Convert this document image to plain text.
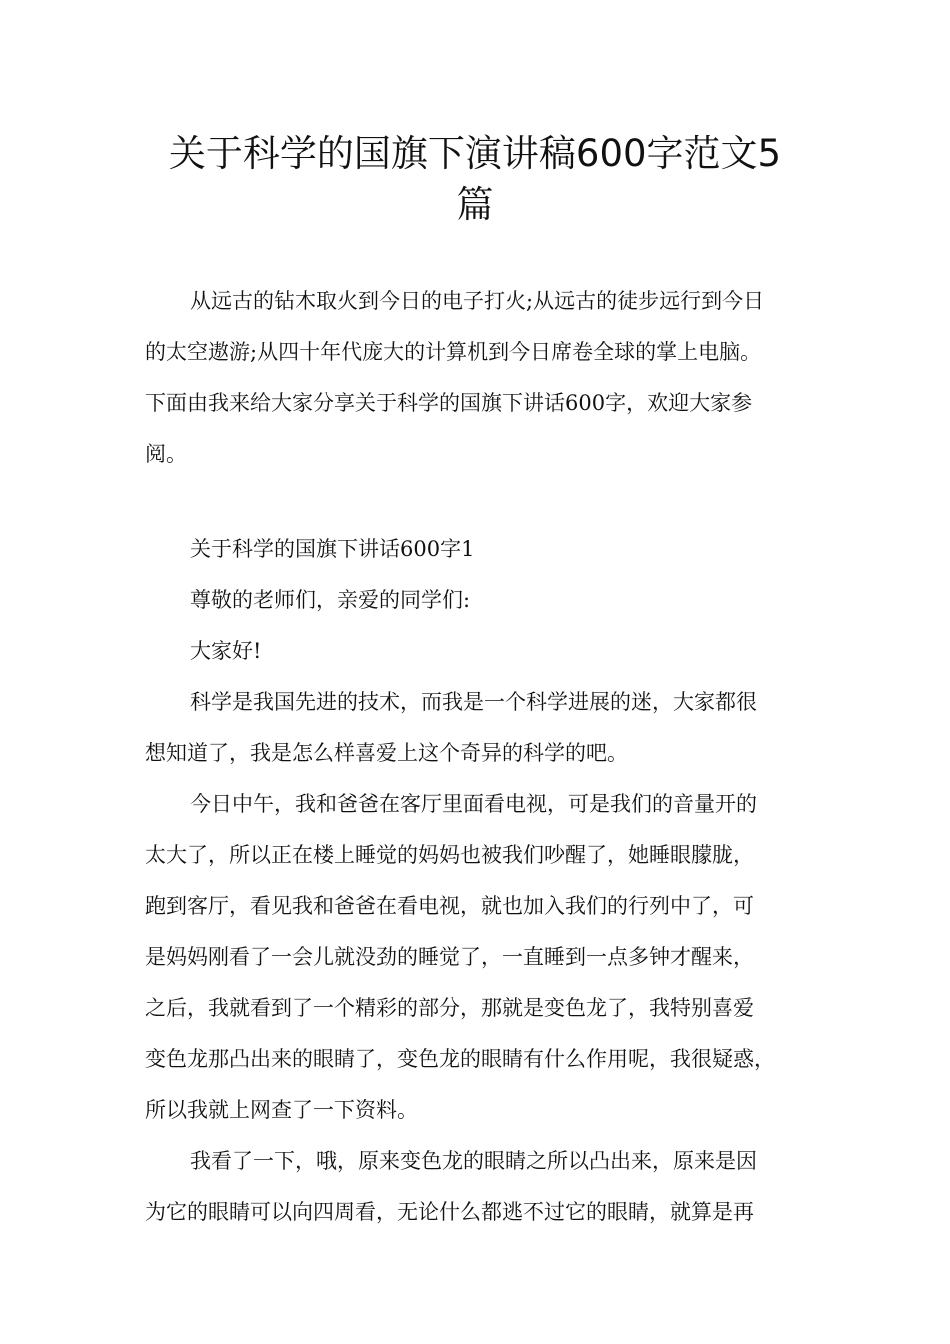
关于科学的国旗下演讲稿600字范文5
篇
从远古的钻木取火到今日的电子打火;从远古的徒步远行到今日
的太空遨游;从四十年代庞大的计算机到今日席卷全球的掌上电脑。
下面由我来给大家分享关于科学的国旗下讲话600字，欢迎大家参
阅。
关于科学的国旗下讲话600字1
尊敬的老师们，亲爱的同学们:
大家好!
科学是我国先进的技术，而我是一个科学进展的迷，大家都很
想知道了，我是怎么样喜爱上这个奇异的科学的吧。
今日中午，我和爸爸在客厅里面看电视，可是我们的音量开的
太大了，所以正在楼上睡觉的妈妈也被我们吵醒了，她睡眼朦胧，
跑到客厅，看见我和爸爸在看电视，就也加入我们的行列中了，可
是妈妈刚看了一会儿就没劲的睡觉了，一直睡到一点多钟才醒来，
之后，我就看到了一个精彩的部分，那就是变色龙了，我特别喜爱
变色龙那凸出来的眼睛了，变色龙的眼睛有什么作用呢，我很疑惑，
所以我就上网查了一下资料。
我看了一下，哦，原来变色龙的眼睛之所以凸出来，原来是因
为它的眼睛可以向四周看，无论什么都逃不过它的眼睛，就算是再
